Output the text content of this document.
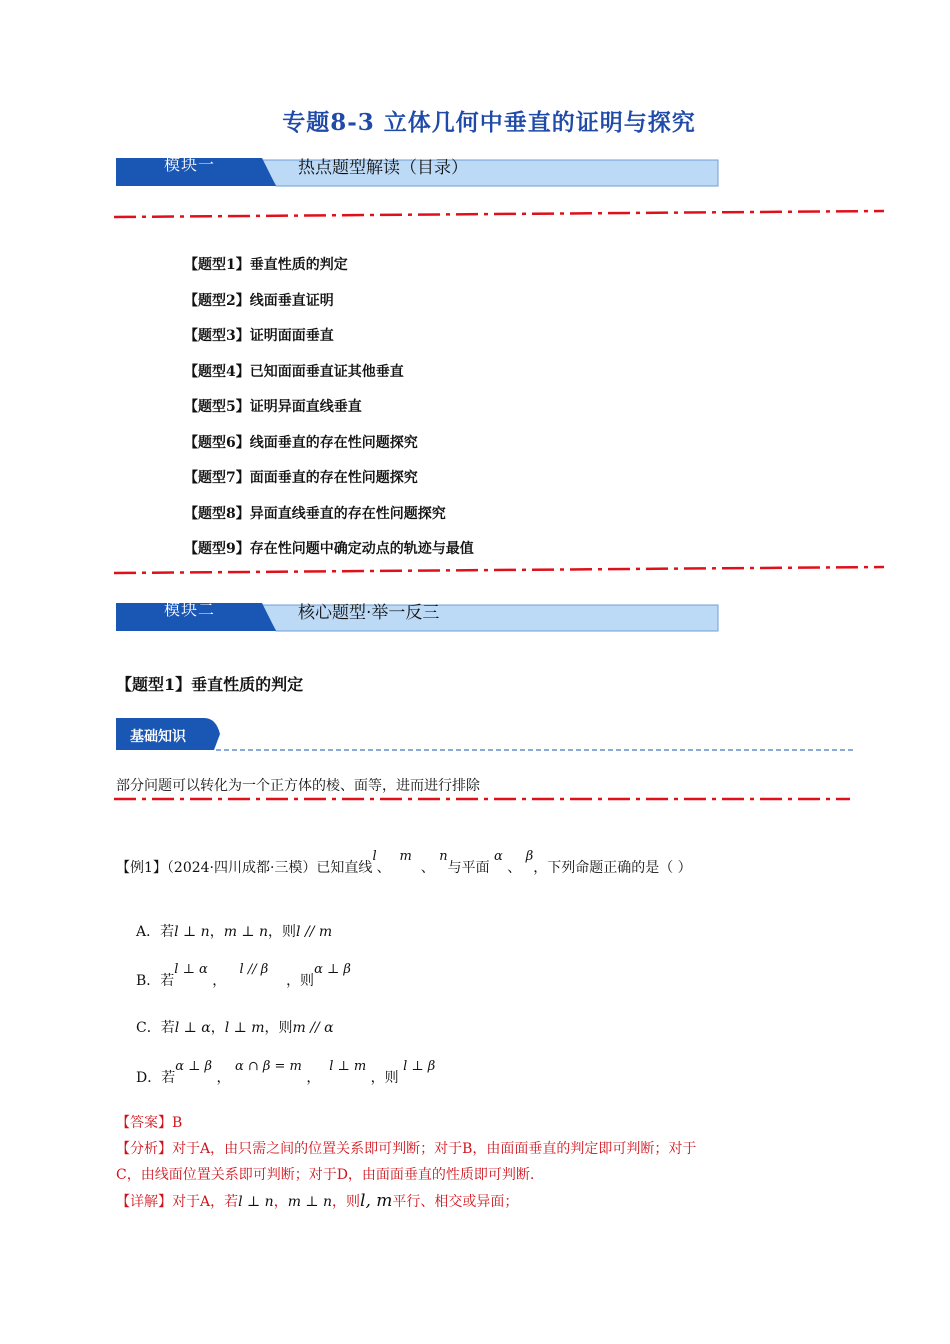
专题8-3 立体几何中垂直的证明与探究
模块一	热点题型解读（目录）
【题型1】垂直性质的判定
【题型2】线面垂直证明
【题型3】证明面面垂直
【题型4】已知面面垂直证其他垂直
【题型5】证明异面直线垂直
【题型6】线面垂直的存在性问题探究
【题型7】面面垂直的存在性问题探究
【题型8】异面直线垂直的存在性问题探究
【题型9】存在性问题中确定动点的轨迹与最值
模块二	核心题型·举一反三
【题型1】垂直性质的判定
基础知识
部分问题可以转化为一个正方体的棱、面等，进而进行排除
【例1】（2024·四川成都·三模）已知直线l、  m  、 n与平面 α 、 β，下列命题正确的是（ ）
A．若l ⊥ n，m ⊥ n，则l // m
B．若l ⊥ α ，   l // β    ，则α ⊥ β
C．若l ⊥ α，l ⊥ m，则m // α
D．若α ⊥ β ， α ∩ β = m ，  l ⊥ m ，则 l ⊥ β
【答案】B
【分析】对于A，由只需之间的位置关系即可判断；对于B，由面面垂直的判定即可判断；对于
C，由线面位置关系即可判断；对于D，由面面垂直的性质即可判断.
【详解】对于A，若l ⊥ n，m ⊥ n，则l, m平行、相交或异面；
